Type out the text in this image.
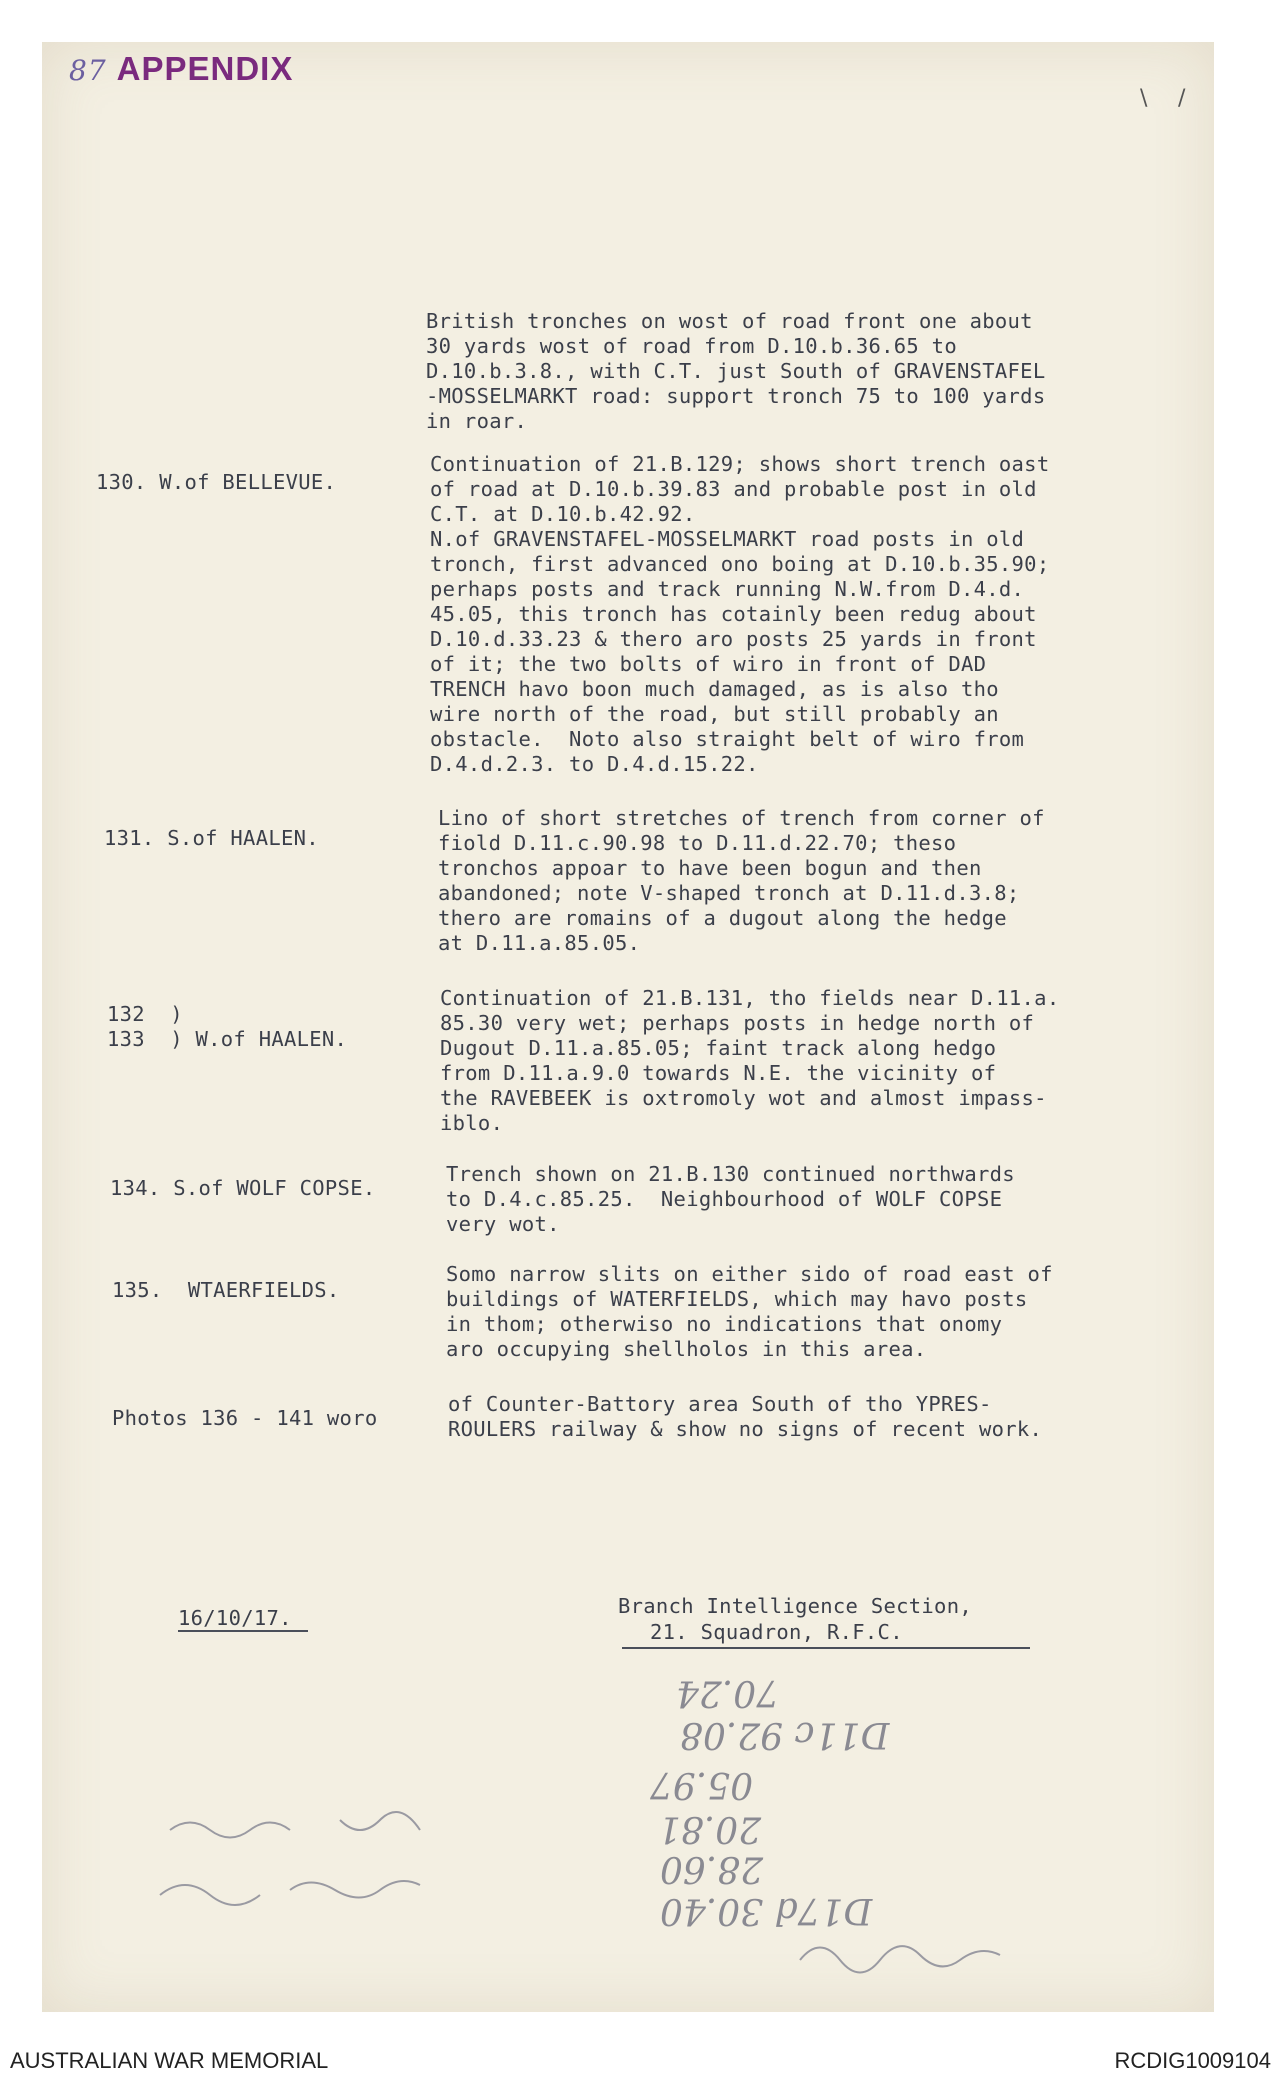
87 APPENDIX
\ /
British tronches on wost of road front one about
30 yards wost of road from D.10.b.36.65 to
D.10.b.3.8., with C.T. just South of GRAVENSTAFEL
-MOSSELMARKT road: support tronch 75 to 100 yards
in roar.
130. W.of BELLEVUE.
Continuation of 21.B.129; shows short trench oast
of road at D.10.b.39.83 and probable post in old
C.T. at D.10.b.42.92.
N.of GRAVENSTAFEL-MOSSELMARKT road posts in old
tronch, first advanced ono boing at D.10.b.35.90;
perhaps posts and track running N.W.from D.4.d.
45.05, this tronch has cotainly been redug about
D.10.d.33.23 & thero aro posts 25 yards in front
of it; the two bolts of wiro in front of DAD
TRENCH havo boon much damaged, as is also tho
wire north of the road, but still probably an
obstacle.  Noto also straight belt of wiro from
D.4.d.2.3. to D.4.d.15.22.
131. S.of HAALEN.
Lino of short stretches of trench from corner of
fiold D.11.c.90.98 to D.11.d.22.70; theso
tronchos appoar to have been bogun and then
abandoned; note V-shaped tronch at D.11.d.3.8;
thero are romains of a dugout along the hedge
at D.11.a.85.05.
132  )
133  ) W.of HAALEN.
Continuation of 21.B.131, tho fields near D.11.a.
85.30 very wet; perhaps posts in hedge north of
Dugout D.11.a.85.05; faint track along hedgo
from D.11.a.9.0 towards N.E. the vicinity of
the RAVEBEEK is oxtromoly wot and almost impass-
iblo.
134. S.of WOLF COPSE.
Trench shown on 21.B.130 continued northwards
to D.4.c.85.25.  Neighbourhood of WOLF COPSE
very wot.
135.  WTAERFIELDS.
Somo narrow slits on either sido of road east of
buildings of WATERFIELDS, which may havo posts
in thom; otherwiso no indications that onomy
aro occupying shellholos in this area.
Photos 136 - 141 woro
of Counter-Battory area South of tho YPRES-
ROULERS railway & show no signs of recent work.
16/10/17.	Branch Intelligence Section,
21. Squadron, R.F.C.
70.24
D11c 92.08
05.97
20.81
28.60
D17d 30.40
AUSTRALIAN WAR MEMORIAL	RCDIG1009104
